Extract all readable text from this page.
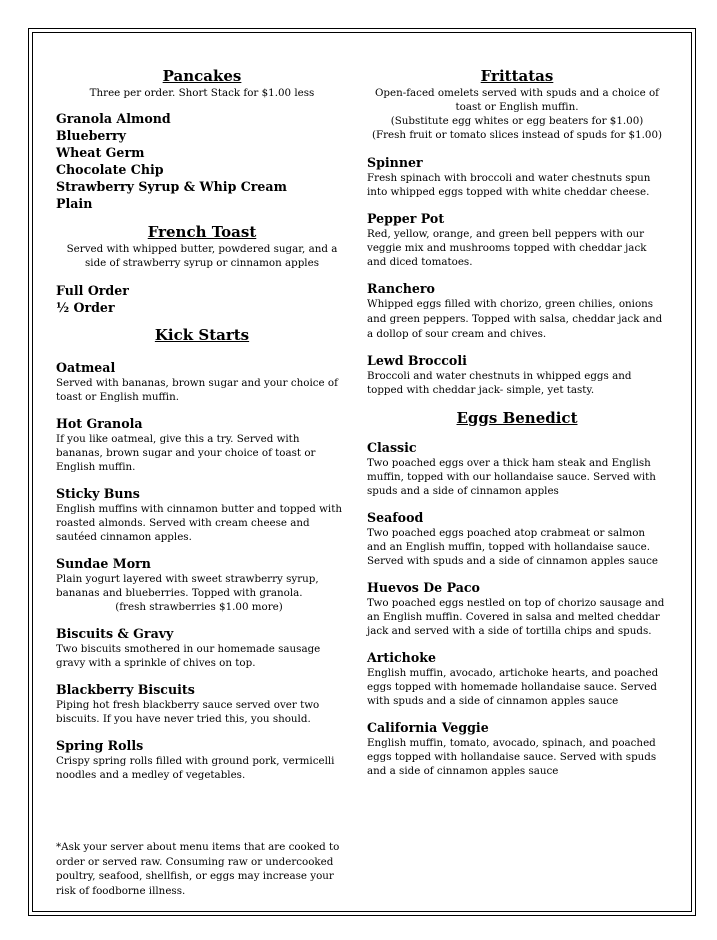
Pancakes

Three per order. Short Stack for $1.00 less

Granola Almond
Blueberry
Wheat Germ
Chocolate Chip
Strawberry Syrup & Whip Cream
Plain
French Toast

Served with whipped butter, powdered sugar, and a side of strawberry syrup or cinnamon apples

Full Order
½ Order
Kick Starts

Oatmeal

Served with bananas, brown sugar and your choice of toast or English muffin.

Hot Granola

If you like oatmeal, give this a try. Served with bananas, brown sugar and your choice of toast or English muffin.

Sticky Buns

English muffins with cinnamon butter and topped with roasted almonds. Served with cream cheese and sautéed cinnamon apples.

Sundae Morn

Plain yogurt layered with sweet strawberry syrup, bananas and blueberries. Topped with granola.

(fresh strawberries $1.00 more)

Biscuits & Gravy

Two biscuits smothered in our homemade sausage gravy with a sprinkle of chives on top.

Blackberry Biscuits

Piping hot fresh blackberry sauce served over two biscuits. If you have never tried this, you should.

Spring Rolls

Crispy spring rolls filled with ground pork, vermicelli noodles and a medley of vegetables.

*Ask your server about menu items that are cooked to order or served raw. Consuming raw or undercooked poultry, seafood, shellfish, or eggs may increase your risk of foodborne illness.
Frittatas

Open-faced omelets served with spuds and a choice of toast or English muffin.

(Substitute egg whites or egg beaters for $1.00)

(Fresh fruit or tomato slices instead of spuds for $1.00)

Spinner

Fresh spinach with broccoli and water chestnuts spun into whipped eggs topped with white cheddar cheese.

Pepper Pot

Red, yellow, orange, and green bell peppers with our veggie mix and mushrooms topped with cheddar jack and diced tomatoes.

Ranchero

Whipped eggs filled with chorizo, green chilies, onions and green peppers. Topped with salsa, cheddar jack and a dollop of sour cream and chives.

Lewd Broccoli

Broccoli and water chestnuts in whipped eggs and topped with cheddar jack- simple, yet tasty.

Eggs Benedict

Classic

Two poached eggs over a thick ham steak and English muffin, topped with our hollandaise sauce. Served with spuds and a side of cinnamon apples

Seafood

Two poached eggs poached atop crabmeat or salmon and an English muffin, topped with hollandaise sauce. Served with spuds and a side of cinnamon apples sauce

Huevos De Paco

Two poached eggs nestled on top of chorizo sausage and an English muffin. Covered in salsa and melted cheddar jack and served with a side of tortilla chips and spuds.

Artichoke

English muffin, avocado, artichoke hearts, and poached eggs topped with homemade hollandaise sauce. Served with spuds and a side of cinnamon apples sauce

California Veggie

English muffin, tomato, avocado, spinach, and poached eggs topped with hollandaise sauce. Served with spuds and a side of cinnamon apples sauce
